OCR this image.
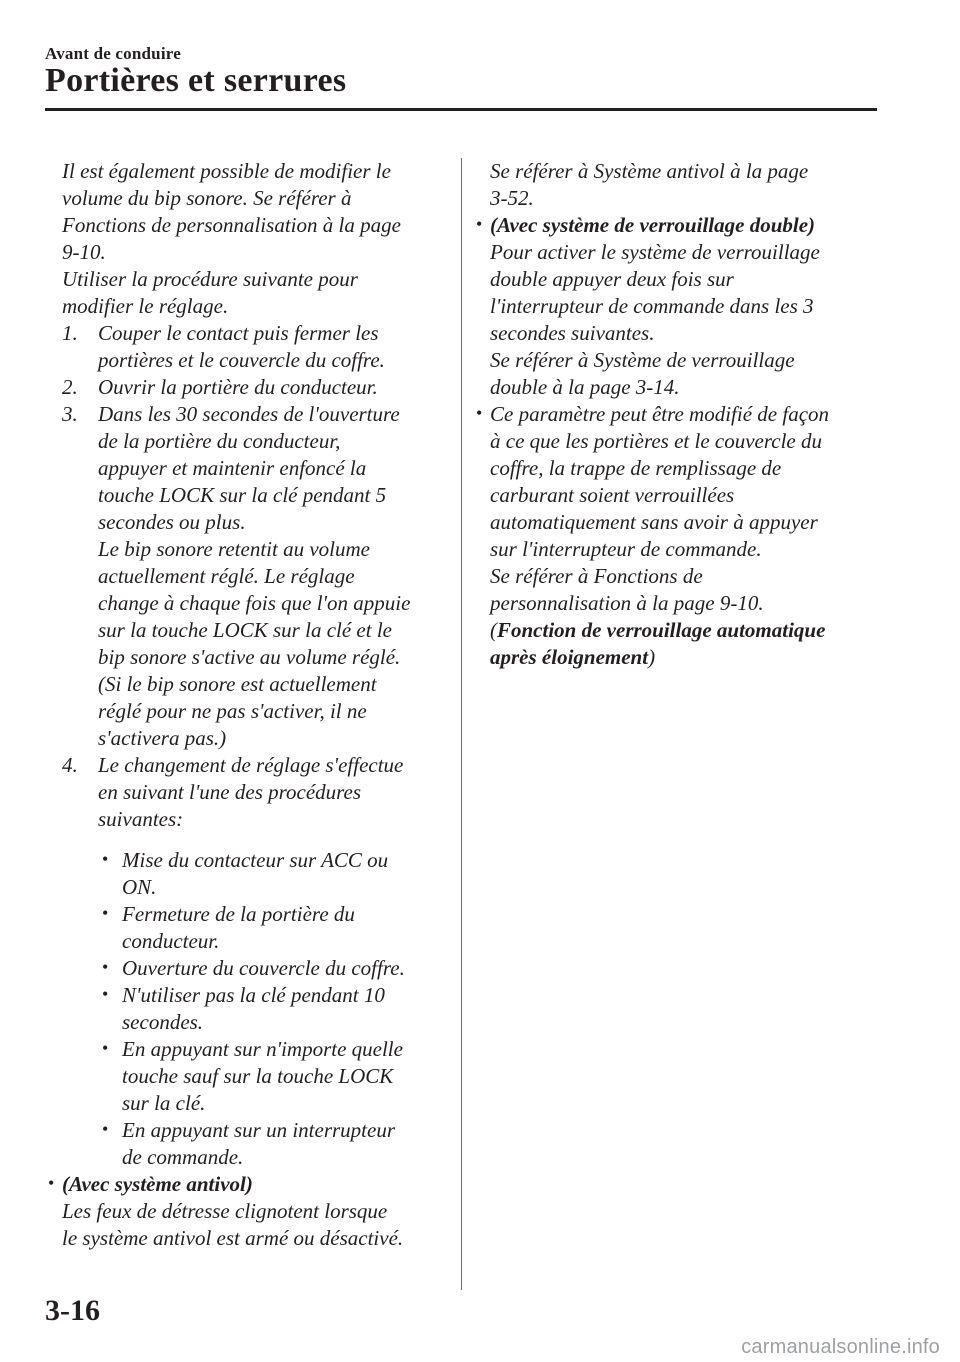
Avant de conduire
Portières et serrures

Il est également possible de modifier le
volume du bip sonore. Se référer à
Fonctions de personnalisation à la page
9-10.
Utiliser la procédure suivante pour
modifier le réglage.

1. Couper le contact puis fermer les
portières et le couvercle du coffre.
2. Ouvrir la portière du conducteur.
3. Dans les 30 secondes de l'ouverture
de la portière du conducteur,
appuyer et maintenir enfoncé la
touche LOCK sur la clé pendant 5
secondes ou plus.
Le bip sonore retentit au volume
actuellement réglé. Le réglage
change à chaque fois que l'on appuie
sur la touche LOCK sur la clé et le
bip sonore s'active au volume réglé.
(Si le bip sonore est actuellement
réglé pour ne pas s'activer, il ne
s'activera pas.)
4. Le changement de réglage s'effectue
en suivant l'une des procédures
suivantes:
• Mise du contacteur sur ACC ou
ON.
• Fermeture de la portière du
conducteur.
• Ouverture du couvercle du coffre.
• N'utiliser pas la clé pendant 10
secondes.
• En appuyant sur n'importe quelle
touche sauf sur la touche LOCK
sur la clé.
• En appuyant sur un interrupteur
de commande.
• (Avec système antivol)

Les feux de détresse clignotent lorsque
le système antivol est armé ou désactivé.

Se référer à Système antivol à la page
3-52.

• (Avec système de verrouillage double)

Pour activer le système de verrouillage
double appuyer deux fois sur
l'interrupteur de commande dans les 3
secondes suivantes.
Se référer à Système de verrouillage
double à la page 3-14.

• Ce paramètre peut être modifié de façon

à ce que les portières et le couvercle du
coffre, la trappe de remplissage de
carburant soient verrouillées
automatiquement sans avoir à appuyer
sur l'interrupteur de commande.
Se référer à Fonctions de
personnalisation à la page 9-10.
(Fonction de verrouillage automatique
après éloignement)

3-16
carmanualsonline.info
